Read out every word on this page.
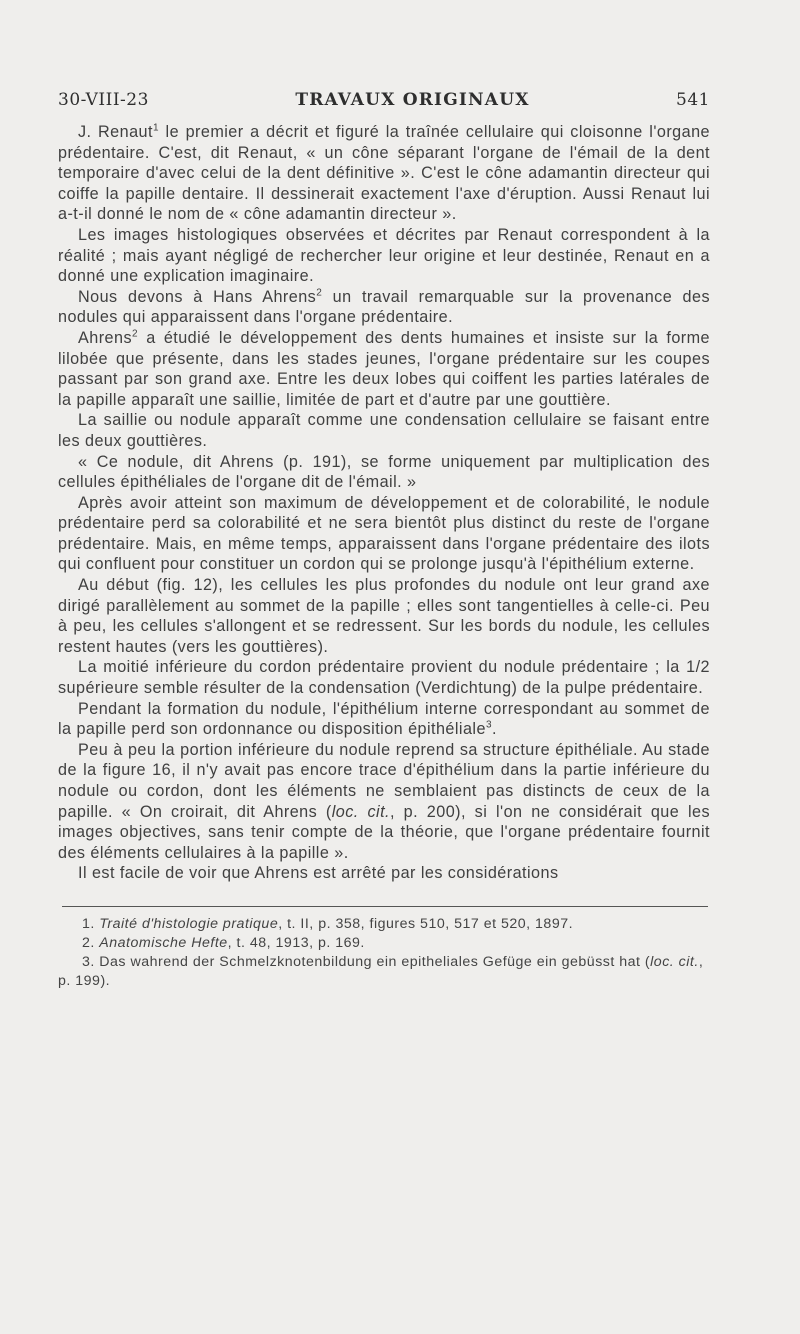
30-VIII-23	TRAVAUX ORIGINAUX	541

J. Renaut$^1$ le premier a décrit et figuré la traînée cellulaire qui cloisonne l'organe prédentaire. C'est, dit Renaut, « un cône séparant l'organe de l'émail de la dent temporaire d'avec celui de la dent définitive ». C'est le cône adamantin directeur qui coiffe la papille dentaire. Il dessinerait exactement l'axe d'éruption. Aussi Renaut lui a-t-il donné le nom de « cône adamantin directeur ».

Les images histologiques observées et décrites par Renaut correspondent à la réalité ; mais ayant négligé de rechercher leur origine et leur destinée, Renaut en a donné une explication imaginaire.

Nous devons à Hans Ahrens$^2$ un travail remarquable sur la provenance des nodules qui apparaissent dans l'organe prédentaire.

Ahrens$^2$ a étudié le développement des dents humaines et insiste sur la forme lilobée que présente, dans les stades jeunes, l'organe prédentaire sur les coupes passant par son grand axe. Entre les deux lobes qui coiffent les parties latérales de la papille apparaît une saillie, limitée de part et d'autre par une gouttière.

La saillie ou nodule apparaît comme une condensation cellulaire se faisant entre les deux gouttières.

« Ce nodule, dit Ahrens (p. 191), se forme uniquement par multiplication des cellules épithéliales de l'organe dit de l'émail. »

Après avoir atteint son maximum de développement et de colorabilité, le nodule prédentaire perd sa colorabilité et ne sera bientôt plus distinct du reste de l'organe prédentaire. Mais, en même temps, apparaissent dans l'organe prédentaire des ilots qui confluent pour constituer un cordon qui se prolonge jusqu'à l'épithélium externe.

Au début (fig. 12), les cellules les plus profondes du nodule ont leur grand axe dirigé parallèlement au sommet de la papille ; elles sont tangentielles à celle-ci. Peu à peu, les cellules s'allongent et se redressent. Sur les bords du nodule, les cellules restent hautes (vers les gouttières).

La moitié inférieure du cordon prédentaire provient du nodule prédentaire ; la 1/2 supérieure semble résulter de la condensation (Verdichtung) de la pulpe prédentaire.

Pendant la formation du nodule, l'épithélium interne correspondant au sommet de la papille perd son ordonnance ou disposition épithéliale$^3$.

Peu à peu la portion inférieure du nodule reprend sa structure épithéliale. Au stade de la figure 16, il n'y avait pas encore trace d'épithélium dans la partie inférieure du nodule ou cordon, dont les éléments ne semblaient pas distincts de ceux de la papille. « On croirait, dit Ahrens (loc. cit., p. 200), si l'on ne considérait que les images objectives, sans tenir compte de la théorie, que l'organe prédentaire fournit des éléments cellulaires à la papille ».

Il est facile de voir que Ahrens est arrêté par les considérations

1. Traité d'histologie pratique, t. II, p. 358, figures 510, 517 et 520, 1897.

2. Anatomische Hefte, t. 48, 1913, p. 169.

3. Das wahrend der Schmelzknotenbildung ein epitheliales Gefüge ein gebüsst hat (loc. cit., p. 199).
